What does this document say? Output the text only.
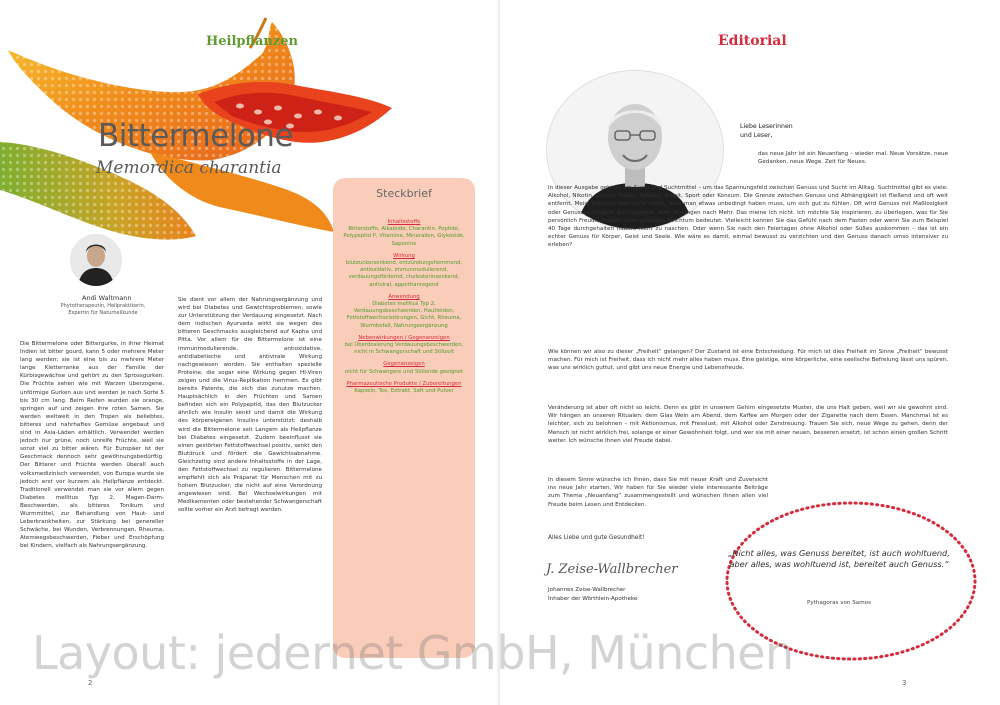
Heilpflanzen
Bittermelone
Memordica charantia
Andi Waltmann
Phytotherapeutin, Heilpraktikerin, Expertin für Naturheilkunde
Die Bittermelone oder Bittergurke, in ihrer Heimat Indien ist bitter gourd, kann 5 oder mehrere Meter lang werden; sie ist eine bis zu mehrere Meter lange Kletterranke aus der Familie der Kürbisgewächse und gehört zu den Sprossgurken. Die Früchte sehen wie mit Warzen überzogene, unförmige Gurken aus und werden je nach Sorte 5 bis 30 cm lang. Beim Reifen wurden sie orange, springen auf und zeigen ihre roten Samen. Sie werden weltweit in den Tropen als beliebtes, bitteres und nahrhaftes Gemüse angebaut und sind in Asia-Läden erhältlich. Verwendet werden jedoch nur grüne, noch unreife Früchte, weil sie sonst viel zu bitter wären. Für Europäer ist der Geschmack dennoch sehr gewöhnungsbedürftig. Der Bitterer und Früchte werden überall auch volksmedizinisch verwendet, von Europa wurde sie jedoch erst vor kurzem als Heilpflanze entdeckt. Traditionell verwendet man sie vor allem gegen Diabetes mellitus Typ 2, Magen-Darm-Beschwerden, als bitteres Tonikum und Wurmmittel, zur Behandlung von Haut- und Leberkrankheiten, zur Stärkung bei genereller Schwäche, bei Wunden, Verbrennungen, Rheuma, Atemwegsbeschwerden, Fieber und Erschöpfung bei Kindern, vielfach als Nahrungsergänzung.
Sie dient vor allem der Nahrungsergänzung und wird bei Diabetes und Gewichtsproblemen, sowie zur Unterstützung der Verdauung eingesetzt. Nach dem indischen Ayurveda wirkt sie wegen des bitteren Geschmacks ausgleichend auf Kapha und Pitta. Vor allem für die Bittermelone ist eine immunmodulierende, antioxidative, antidiabetische und antivirale Wirkung nachgewiesen worden. Sie enthalten spezielle Proteine, die sogar eine Wirkung gegen HI-Viren zeigen und die Virus-Replikation hemmen. Es gibt bereits Patente, die sich das zunutze machen. Hauptsächlich in den Früchten und Samen befinden sich ein Polypeptid, das den Blutzucker ähnlich wie Insulin senkt und damit die Wirkung des körpereigenen Insulins unterstützt; deshalb wird die Bittermelone seit Langem als Heilpflanze bei Diabetes eingesetzt. Zudem beeinflusst sie einen gestörten Fettstoffwechsel positiv, senkt den Blutdruck und fördert die Gewichtsabnahme. Gleichzeitig sind andere Inhaltsstoffe in der Lage, den Fettstoffwechsel zu regulieren. Bittermelone empfiehlt sich als Präparat für Menschen mit zu hohem Blutzucker, die nicht auf eine Verordnung angewiesen sind. Bei Wechselwirkungen mit Medikamenten oder bestehender Schwangerschaft sollte vorher ein Arzt befragt werden.
Steckbrief
Inhaltsstoffe
Bitterstoffe, Alkaloide, Charantin, Peptide, Polypeptid P, Vitamine, Mineralien, Glykoside, Saponine
Wirkung
blutzuckersenkend, entzündungshemmend, antioxidativ, immunmodulierend, verdauungsfördernd, cholesterinsenkend, antiviral, appetitanregend
Anwendung
Diabetes mellitus Typ 2, Verdauungsbeschwerden, Hautleiden, Fettstoffwechselstörungen, Gicht, Rheuma, Wurmbefall, Nahrungsergänzung
Nebenwirkungen / Gegenanzeigen
bei Überdosierung Verdauungsbeschwerden, nicht in Schwangerschaft und Stillzeit
Gegenanzeigen
nicht für Schwangere und Stillende geeignet
Pharmazeutische Produkte / Zubereitungen
Kapseln, Tee, Extrakt, Saft und Pulver
2
Editorial
Liebe Leserinnen
und Leser,
das neue Jahr ist ein Neuanfang – wieder mal. Neue Vorsätze, neue Gedanken, neue Wege. Zeit für Neues.
In dieser Ausgabe geht es um Sucht und Suchtmittel – um das Spannungsfeld zwischen Genuss und Sucht im Alltag. Suchtmittel gibt es viele: Alkohol, Nikotin, Zucker, Essen, Spielen, Arbeit, Sport oder Konsum. Die Grenze zwischen Genuss und Abhängigkeit ist fließend und oft weit entfernt. Meist bemerkt man nicht sofort, dass man etwas unbedingt haben muss, um sich gut zu fühlen. Oft wird Genuss mit Maßlosigkeit oder Genusssüchtigkeit gleichgesetzt, dem Verlangen nach Mehr. Das meine ich nicht. Ich möchte Sie inspirieren, zu überlegen, was für Sie persönlich Freude, Freiheit oder geistigen Reichtum bedeutet. Vielleicht kennen Sie das Gefühl nach dem Fasten oder wenn Sie zum Beispiel 40 Tage durchgehalten haben, nicht zu naschen. Oder wenn Sie nach den Feiertagen ohne Alkohol oder Süßes auskommen – das ist ein echter Genuss für Körper, Geist und Seele. Wie wäre es damit, einmal bewusst zu verzichten und den Genuss danach umso intensiver zu erleben?
Wie können wir also zu dieser „Freiheit“ gelangen? Der Zustand ist eine Entscheidung. Für mich ist dies Freiheit im Sinne „Freiheit“ bewusst machen. Für mich ist Freiheit, dass ich nicht mehr alles haben muss. Eine geistige, eine körperliche, eine seelische Befreiung lässt uns spüren, was uns wirklich guttut, und gibt uns neue Energie und Lebensfreude.
Veränderung ist aber oft nicht so leicht. Denn es gibt in unserem Gehirn eingesetzte Muster, die uns Halt geben, weil wir sie gewohnt sind. Wir hängen an unseren Ritualen: dem Glas Wein am Abend, dem Kaffee am Morgen oder der Zigarette nach dem Essen. Manchmal ist es leichter, sich zu belohnen – mit Aktionismus, mit Fresslust, mit Alkohol oder Zerstreuung. Trauen Sie sich, neue Wege zu gehen, denn der Mensch ist nicht wirklich frei, solange er einer Gewohnheit folgt, und wer sie mit einer neuen, besseren ersetzt, ist schon einen großen Schritt weiter. Ich wünsche Ihnen viel Freude dabei.
In diesem Sinne wünsche ich Ihnen, dass Sie mit neuer Kraft und Zuversicht ins neue Jahr starten. Wir haben für Sie wieder viele interessante Beiträge zum Thema „Neuanfang“ zusammengestellt und wünschen Ihnen allen viel Freude beim Lesen und Entdecken.
Alles Liebe und gute Gesundheit!
J. Zeise-Wallbrecher
Johannes Zeise-Wallbrecher
Inhaber der Wörthlein-Apotheke
„Nicht alles, was Genuss bereitet, ist auch wohltuend, aber alles, was wohltuend ist, bereitet auch Genuss.“
Pythagoras von Samos
3
Layout: jedernet GmbH, München
